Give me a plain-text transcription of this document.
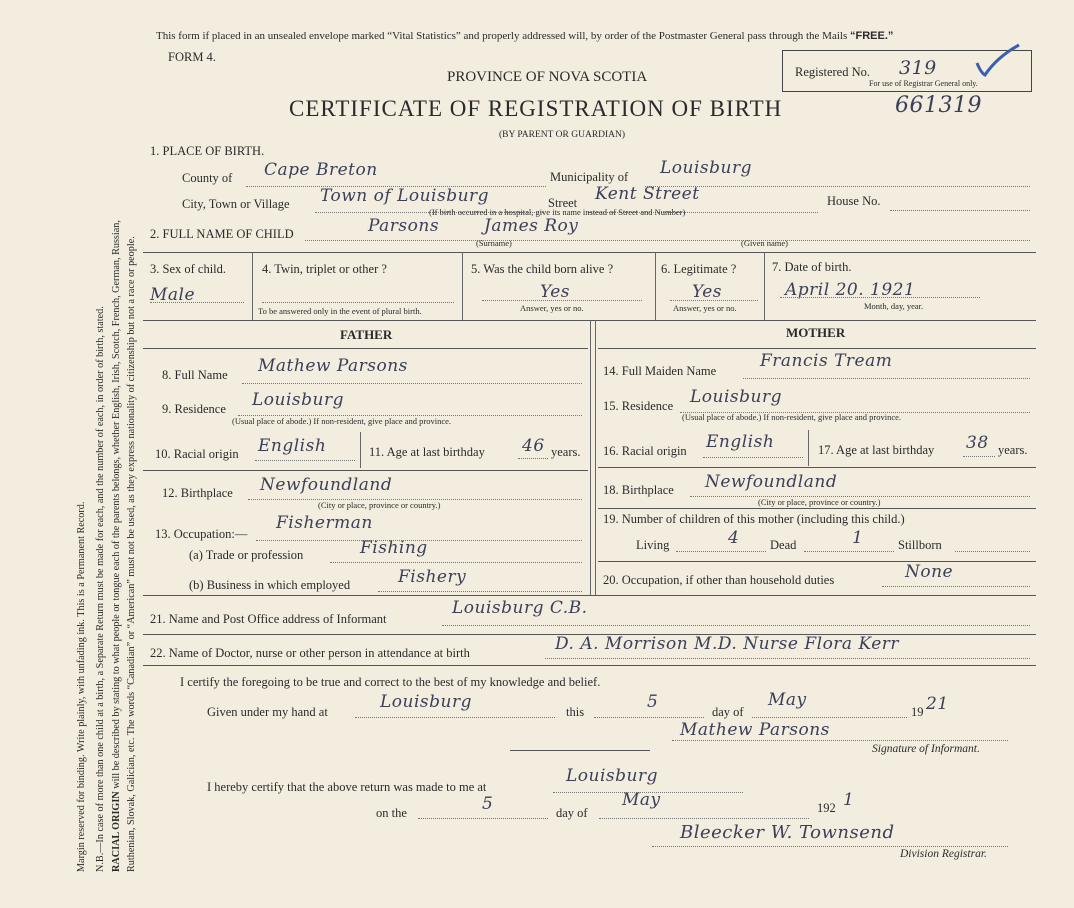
Margin reserved for binding. Write plainly, with unfading ink. This is a Permanent Record. N.B.—In case of more than one child at a birth, a Separate Return must be made for each, and the number of each, in order of birth, stated. RACIAL ORIGIN will be described by stating to what people or tongue each of the parents belongs, whether English, Irish, Scotch, French, German, Russian, Ruthenian, Slovak, Galician, etc. The words “Canadian” or “American” must not be used, as they express nationality of citizenship but not a race or people.
This form if placed in an unsealed envelope marked “Vital Statistics” and properly addressed will, by order of the Postmaster General pass through the Mails “FREE.”
FORM 4.
PROVINCE OF NOVA SCOTIA
CERTIFICATE OF REGISTRATION OF BIRTH
(BY PARENT OR GUARDIAN)
661319
Registered No. 319
For use of Registrar General only.
1. PLACE OF BIRTH.
County of Cape Breton	Municipality of Louisburg
City, Town or Village Town of Louisburg	Street Kent Street	House No.
(If birth occurred in a hospital, give its name instead of Street and Number)
2. FULL NAME OF CHILD	Parsons	James Roy
(Surname)	(Given name)
3. Sex of child.
Male
4. Twin, triplet or other ?
To be answered only in the event of plural birth.
5. Was the child born alive ?
Yes
Answer, yes or no.
6. Legitimate ?
Yes
Answer, yes or no.
7. Date of birth.
April 20. 1921
Month, day, year.
FATHER	MOTHER
8. Full Name Mathew Parsons
9. Residence Louisburg
(Usual place of abode.) If non-resident, give place and province.
10. Racial origin English	11. Age at last birthday 46 years.
12. Birthplace Newfoundland
(City or place, province or country.)
13. Occupation:—
Fisherman
(a) Trade or profession	Fishing
(b) Business in which employed	Fishery
14. Full Maiden Name	Francis Tream
15. Residence Louisburg
(Usual place of abode.) If non-resident, give place and province.
16. Racial origin English	17. Age at last birthday 38 years.
18. Birthplace Newfoundland
(City or place, province or country.)
19. Number of children of this mother (including this child.)
Living	4 Dead	1	Stillborn
20. Occupation, if other than household duties	None
21. Name and Post Office address of Informant
Louisburg C.B.
22. Name of Doctor, nurse or other person in attendance at birth	D. A. Morrison M.D. Nurse Flora Kerr
I certify the foregoing to be true and correct to the best of my knowledge and belief.
Given under my hand at	Louisburg	this	5	day of
May
19 21
Mathew Parsons
Signature of Informant.
I hereby certify that the above return was made to me at
Louisburg
on the	5	day of
May	192 1
Bleecker W. Townsend
Division Registrar.
